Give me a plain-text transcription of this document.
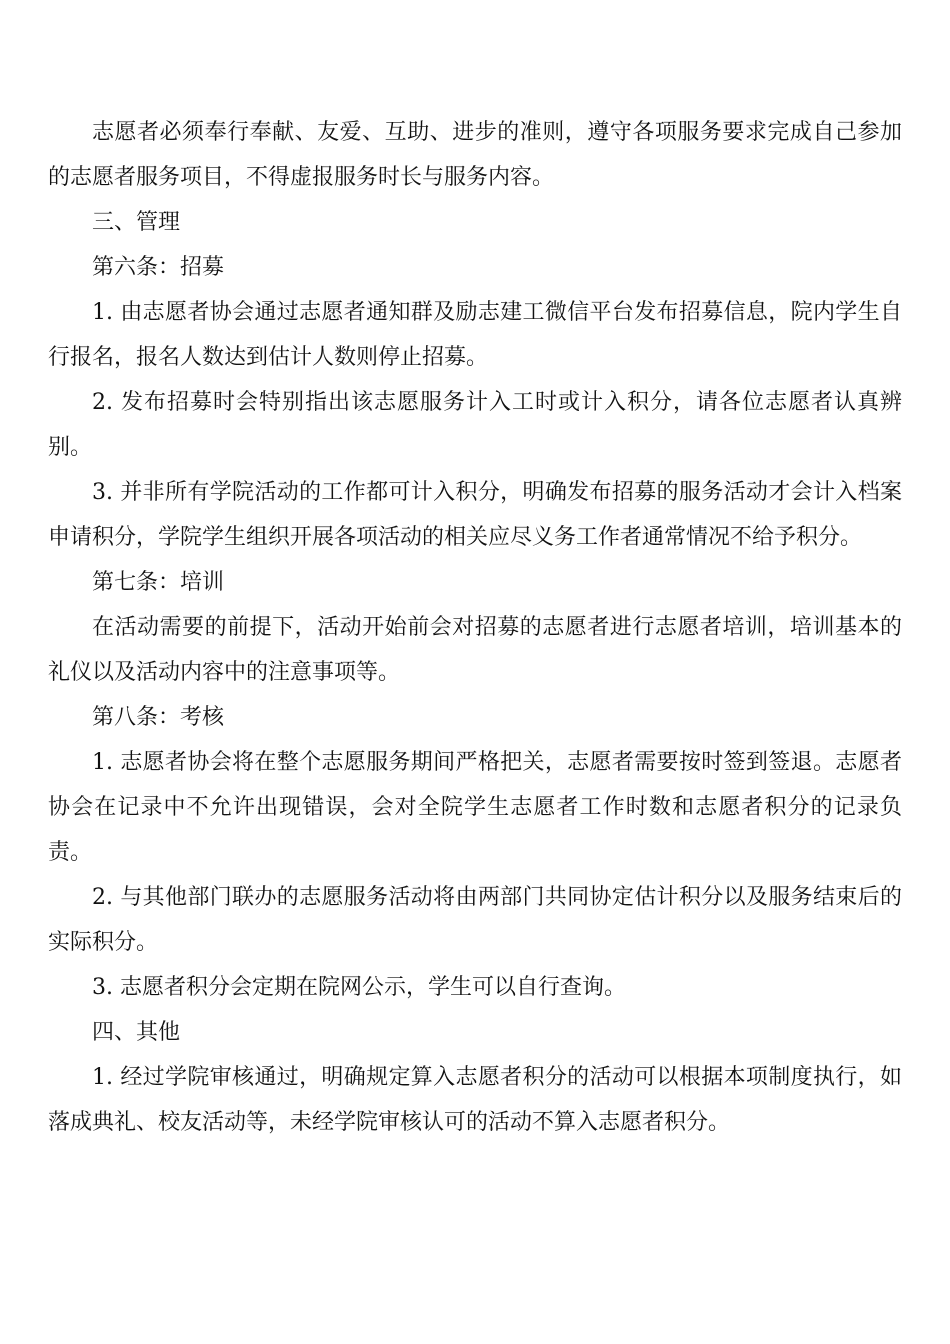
志愿者必须奉行奉献、友爱、互助、进步的准则，遵守各项服务要求完成自己参加的志愿者服务项目，不得虚报服务时长与服务内容。

三、管理

第六条：招募

1. 由志愿者协会通过志愿者通知群及励志建工微信平台发布招募信息，院内学生自行报名，报名人数达到估计人数则停止招募。

2. 发布招募时会特别指出该志愿服务计入工时或计入积分，请各位志愿者认真辨别。

3. 并非所有学院活动的工作都可计入积分，明确发布招募的服务活动才会计入档案申请积分，学院学生组织开展各项活动的相关应尽义务工作者通常情况不给予积分。

第七条：培训

在活动需要的前提下，活动开始前会对招募的志愿者进行志愿者培训，培训基本的礼仪以及活动内容中的注意事项等。

第八条：考核

1. 志愿者协会将在整个志愿服务期间严格把关，志愿者需要按时签到签退。志愿者协会在记录中不允许出现错误，会对全院学生志愿者工作时数和志愿者积分的记录负责。

2. 与其他部门联办的志愿服务活动将由两部门共同协定估计积分以及服务结束后的实际积分。

3. 志愿者积分会定期在院网公示，学生可以自行查询。

四、其他

1. 经过学院审核通过，明确规定算入志愿者积分的活动可以根据本项制度执行，如落成典礼、校友活动等，未经学院审核认可的活动不算入志愿者积分。
